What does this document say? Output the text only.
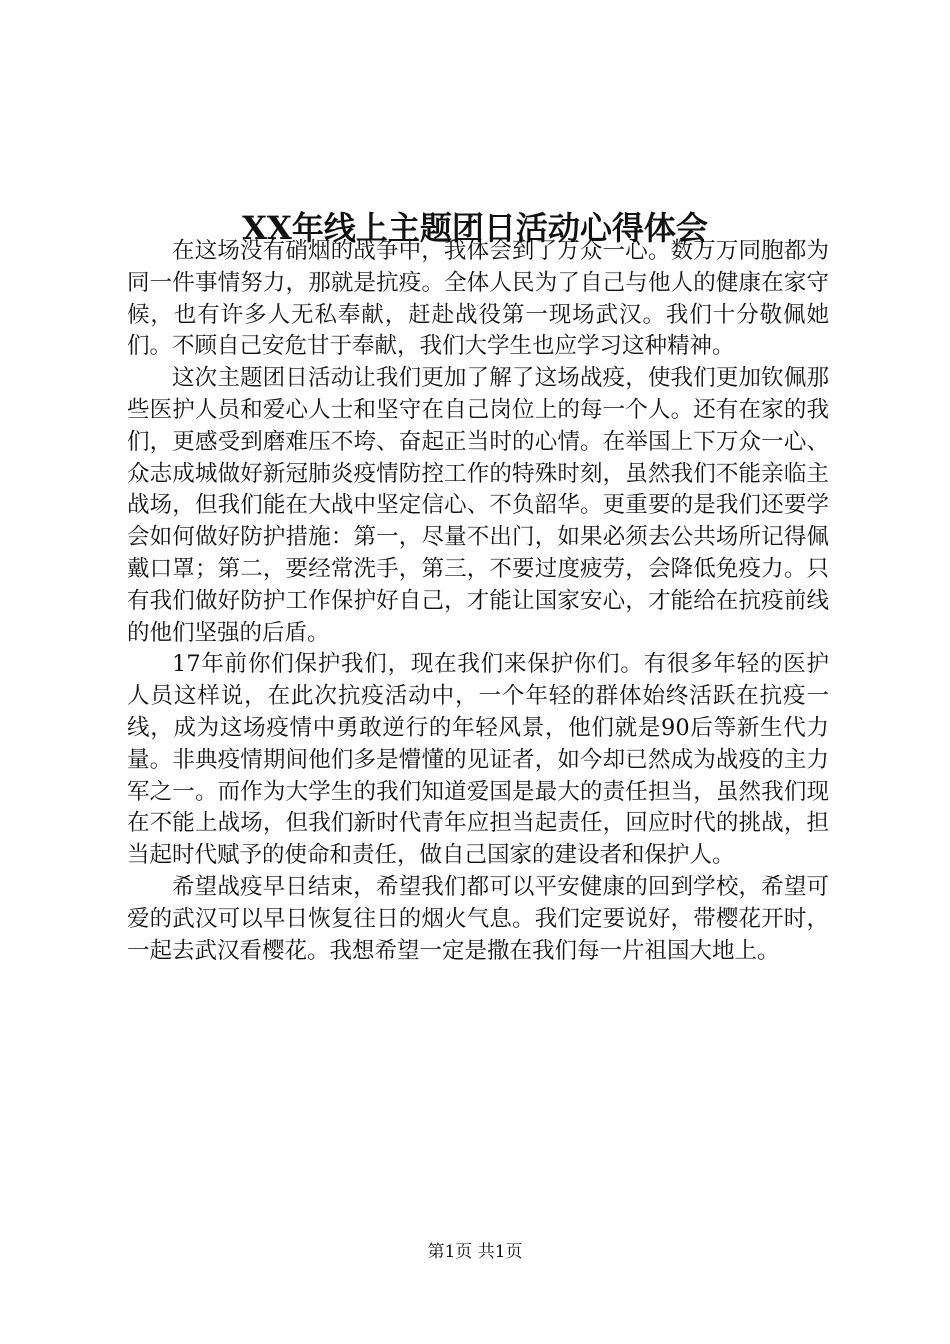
XX年线上主题团日活动心得体会

在这场没有硝烟的战争中，我体会到了万众一心。数万万同胞都为同一件事情努力，那就是抗疫。全体人民为了自己与他人的健康在家守候，也有许多人无私奉献，赶赴战役第一现场武汉。我们十分敬佩她们。不顾自己安危甘于奉献，我们大学生也应学习这种精神。

这次主题团日活动让我们更加了解了这场战疫，使我们更加钦佩那些医护人员和爱心人士和坚守在自己岗位上的每一个人。还有在家的我们，更感受到磨难压不垮、奋起正当时的心情。在举国上下万众一心、众志成城做好新冠肺炎疫情防控工作的特殊时刻，虽然我们不能亲临主战场，但我们能在大战中坚定信心、不负韶华。更重要的是我们还要学会如何做好防护措施：第一，尽量不出门，如果必须去公共场所记得佩戴口罩；第二，要经常洗手，第三，不要过度疲劳，会降低免疫力。只有我们做好防护工作保护好自己，才能让国家安心，才能给在抗疫前线的他们坚强的后盾。

17年前你们保护我们，现在我们来保护你们。有很多年轻的医护人员这样说，在此次抗疫活动中，一个年轻的群体始终活跃在抗疫一线，成为这场疫情中勇敢逆行的年轻风景，他们就是90后等新生代力量。非典疫情期间他们多是懵懂的见证者，如今却已然成为战疫的主力军之一。而作为大学生的我们知道爱国是最大的责任担当，虽然我们现在不能上战场，但我们新时代青年应担当起责任，回应时代的挑战，担当起时代赋予的使命和责任，做自己国家的建设者和保护人。

希望战疫早日结束，希望我们都可以平安健康的回到学校，希望可爱的武汉可以早日恢复往日的烟火气息。我们定要说好，带樱花开时，一起去武汉看樱花。我想希望一定是撒在我们每一片祖国大地上。

第1页 共1页
